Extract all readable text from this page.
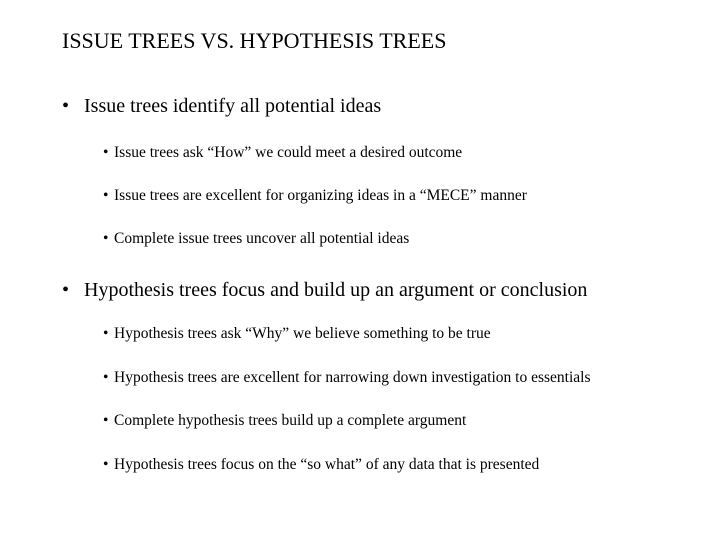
ISSUE TREES VS. HYPOTHESIS TREES
• Issue trees identify all potential ideas
• Issue trees ask “How” we could meet a desired outcome
• Issue trees are excellent for organizing ideas in a “MECE” manner
• Complete issue trees uncover all potential ideas
• Hypothesis trees focus and build up an argument or conclusion
• Hypothesis trees ask “Why” we believe something to be true
• Hypothesis trees are excellent for narrowing down investigation to essentials
• Complete hypothesis trees build up a complete argument
• Hypothesis trees focus on the “so what” of any data that is presented
